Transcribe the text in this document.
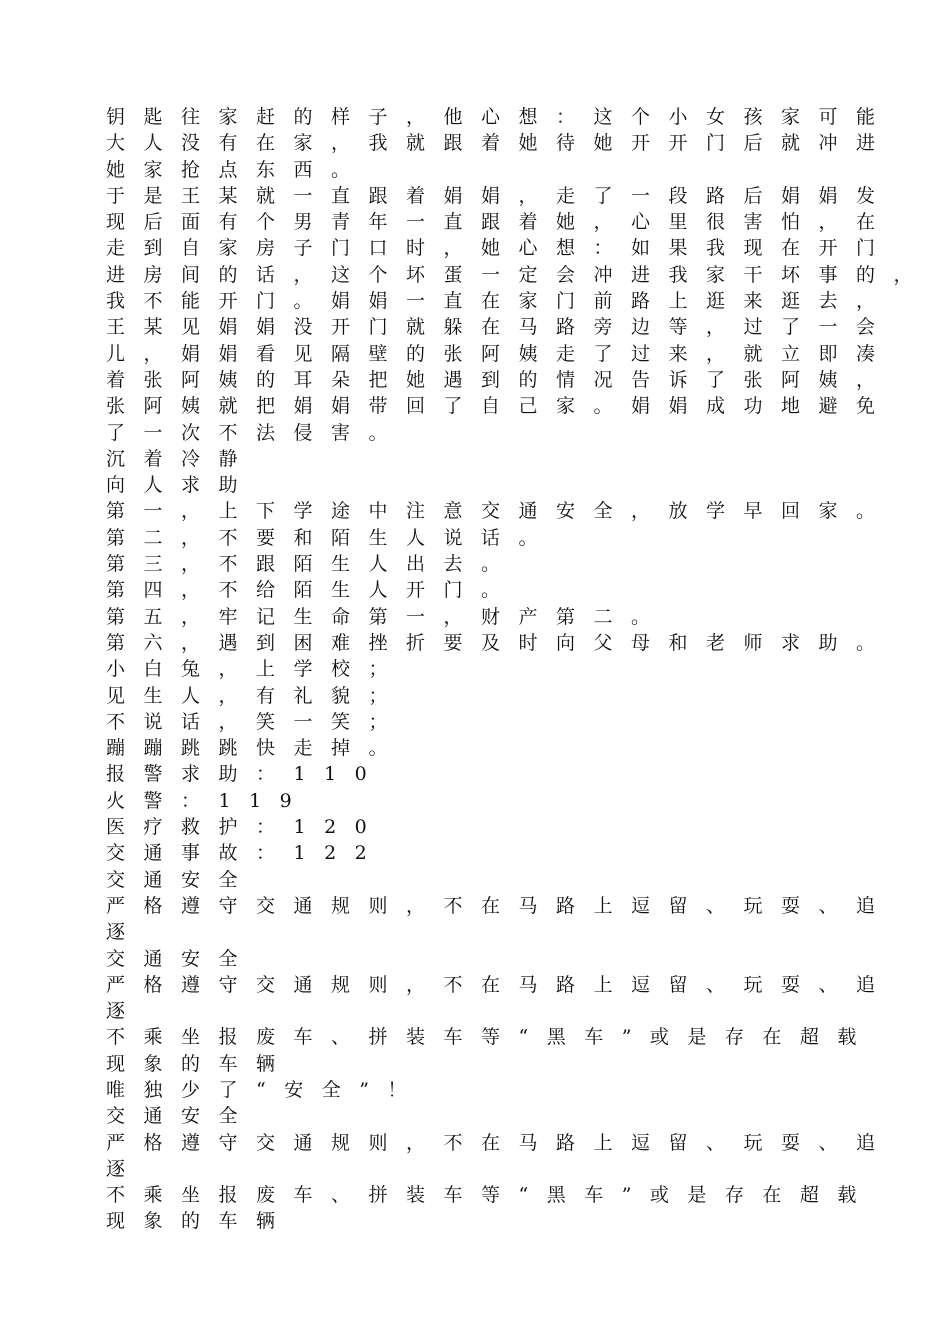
钥匙往家赶的样子，他心想：这个小女孩家可能
大人没有在家，我就跟着她待她开开门后就冲进
她家抢点东西。
于是王某就一直跟着娟娟，走了一段路后娟娟发
现后面有个男青年一直跟着她，心里很害怕，在
走到自家房子门口时，她心想：如果我现在开门
进房间的话，这个坏蛋一定会冲进我家干坏事的，
我不能开门。娟娟一直在家门前路上逛来逛去，
王某见娟娟没开门就躲在马路旁边等，过了一会
儿，娟娟看见隔壁的张阿姨走了过来，就立即凑
着张阿姨的耳朵把她遇到的情况告诉了张阿姨，
张阿姨就把娟娟带回了自己家。娟娟成功地避免
了一次不法侵害。
沉着冷静
向人求助
第一，上下学途中注意交通安全，放学早回家。
第二，不要和陌生人说话。
第三，不跟陌生人出去。
第四，不给陌生人开门。
第五，牢记生命第一，财产第二。
第六，遇到困难挫折要及时向父母和老师求助。
小白兔，上学校；
见生人，有礼貌；
不说话，笑一笑；
蹦蹦跳跳快走掉。
报警求助：110
火警：119
医疗救护：120
交通事故：122
交通安全
严格遵守交通规则，不在马路上逗留、玩耍、追
逐
交通安全
严格遵守交通规则，不在马路上逗留、玩耍、追
逐
不乘坐报废车、拼装车等“黑车”或是存在超载
现象的车辆
唯独少了“安全”！
交通安全
严格遵守交通规则，不在马路上逗留、玩耍、追
逐
不乘坐报废车、拼装车等“黑车”或是存在超载
现象的车辆
